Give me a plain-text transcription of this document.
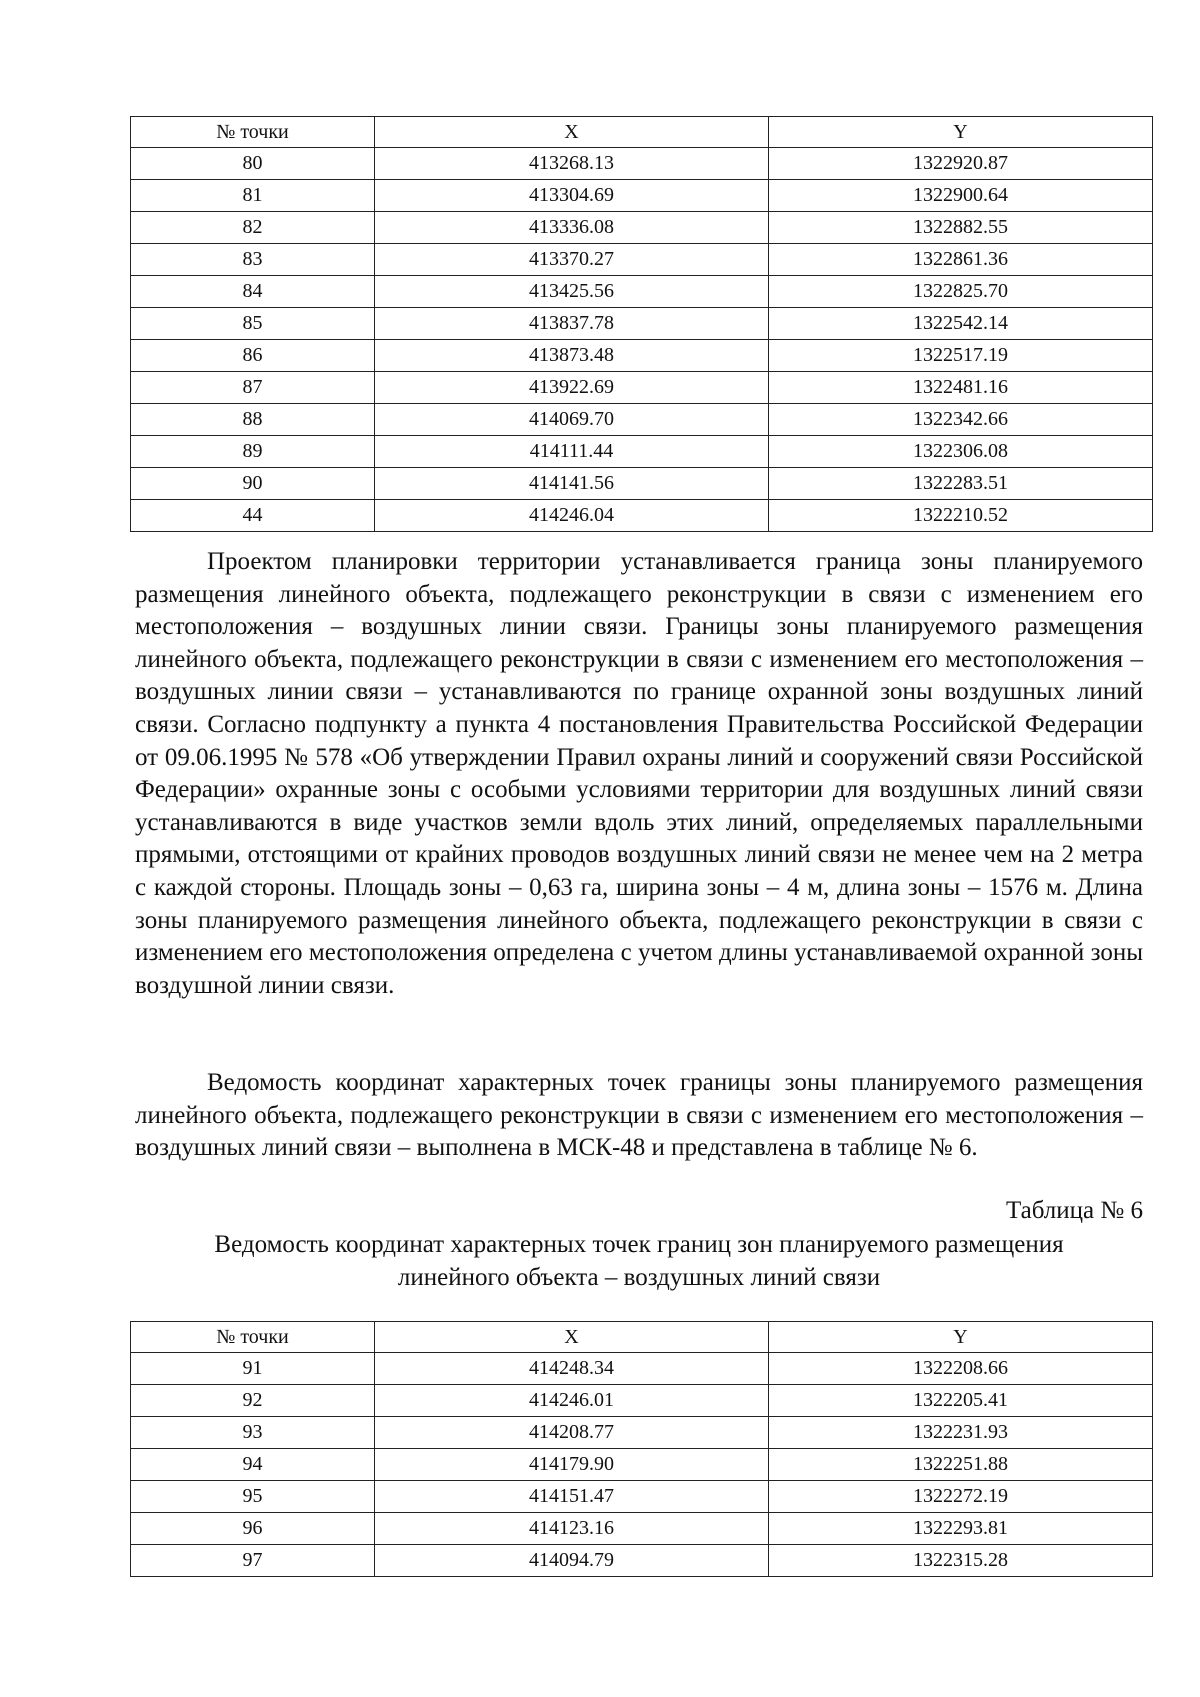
№ точки	X	Y
80	413268.13	1322920.87
81	413304.69	1322900.64
82	413336.08	1322882.55
83	413370.27	1322861.36
84	413425.56	1322825.70
85	413837.78	1322542.14
86	413873.48	1322517.19
87	413922.69	1322481.16
88	414069.70	1322342.66
89	414111.44	1322306.08
90	414141.56	1322283.51
44	414246.04	1322210.52

Проектом планировки территории устанавливается граница зоны планируемого размещения линейного объекта, подлежащего реконструкции в связи с изменением его местоположения – воздушных линии связи. Границы зоны планируемого размещения линейного объекта, подлежащего реконструкции в связи с изменением его местоположения – воздушных линии связи – устанавливаются по границе охранной зоны воздушных линий связи. Согласно подпункту а пункта 4 постановления Правительства Российской Федерации от 09.06.1995 № 578 «Об утверждении Правил охраны линий и сооружений связи Российской Федерации» охранные зоны с особыми условиями территории для воздушных линий связи устанавливаются в виде участков земли вдоль этих линий, определяемых параллельными прямыми, отстоящими от крайних проводов воздушных линий связи не менее чем на 2 метра с каждой стороны. Площадь зоны – 0,63 га, ширина зоны – 4 м, длина зоны – 1576 м. Длина зоны планируемого размещения линейного объекта, подлежащего реконструкции в связи с изменением его местоположения определена с учетом длины устанавливаемой охранной зоны воздушной линии связи.

Ведомость координат характерных точек границы зоны планируемого размещения линейного объекта, подлежащего реконструкции в связи с изменением его местоположения – воздушных линий связи – выполнена в МСК-48 и представлена в таблице № 6.

Таблица № 6
Ведомость координат характерных точек границ зон планируемого размещения
линейного объекта – воздушных линий связи
№ точки	X	Y
91	414248.34	1322208.66
92	414246.01	1322205.41
93	414208.77	1322231.93
94	414179.90	1322251.88
95	414151.47	1322272.19
96	414123.16	1322293.81
97	414094.79	1322315.28
